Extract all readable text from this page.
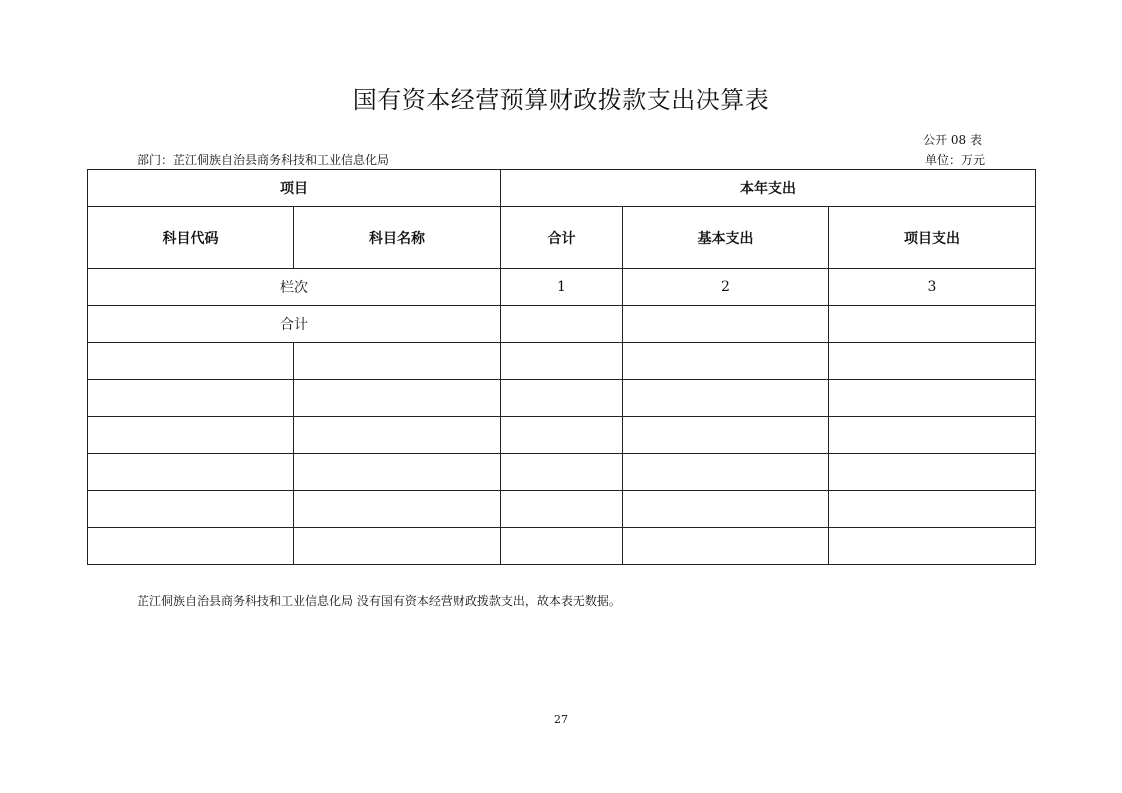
国有资本经营预算财政拨款支出决算表
公开 08 表
部门：芷江侗族自治县商务科技和工业信息化局	单位：万元
项目		本年支出		
科目代码	科目名称	合计	基本支出	项目支出
栏次		1	2	3
合计				

芷江侗族自治县商务科技和工业信息化局 没有国有资本经营财政拨款支出，故本表无数据。
27
